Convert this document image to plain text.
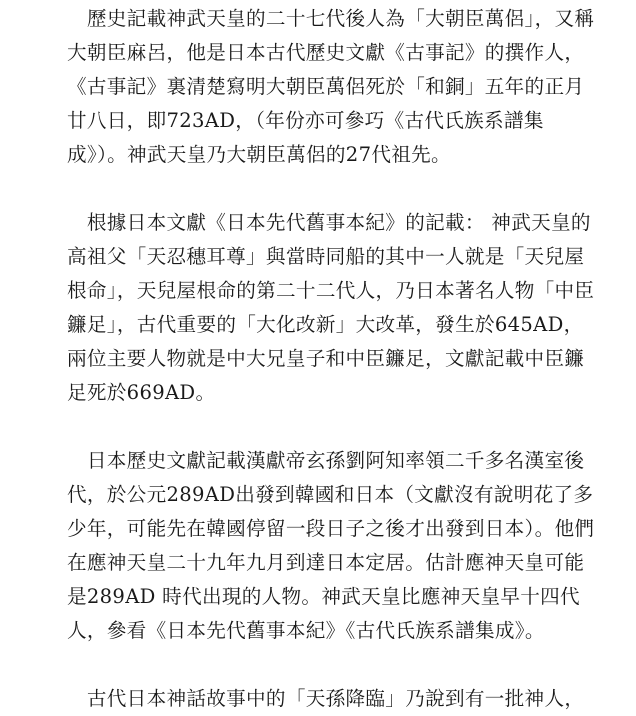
　歷史記載神武天皇的二十七代後人為「大朝臣萬侶」，又稱
大朝臣麻呂，他是日本古代歷史文獻《古事記》的撰作人，
《古事記》裏清楚寫明大朝臣萬侶死於「和銅」五年的正月
廿八日，即723AD，（年份亦可參巧《古代氏族系譜集
成》）。神武天皇乃大朝臣萬侶的27代祖先。
　根據日本文獻《日本先代舊事本紀》的記載： 神武天皇的
高祖父「天忍穗耳尊」與當時同船的其中一人就是「天兒屋
根命」，天兒屋根命的第二十二代人，乃日本著名人物「中臣
鐮足」，古代重要的「大化改新」大改革，發生於645AD，
兩位主要人物就是中大兄皇子和中臣鐮足，文獻記載中臣鐮
足死於669AD。
　日本歷史文獻記載漢獻帝玄孫劉阿知率領二千多名漢室後
代，於公元289AD出發到韓國和日本（文獻沒有說明花了多
少年，可能先在韓國停留一段日子之後才出發到日本）。他們
在應神天皇二十九年九月到達日本定居。估計應神天皇可能
是289AD 時代出現的人物。神武天皇比應神天皇早十四代
人，參看《日本先代舊事本紀》《古代氏族系譜集成》。
　古代日本神話故事中的「天孫降臨」乃說到有一批神人，
